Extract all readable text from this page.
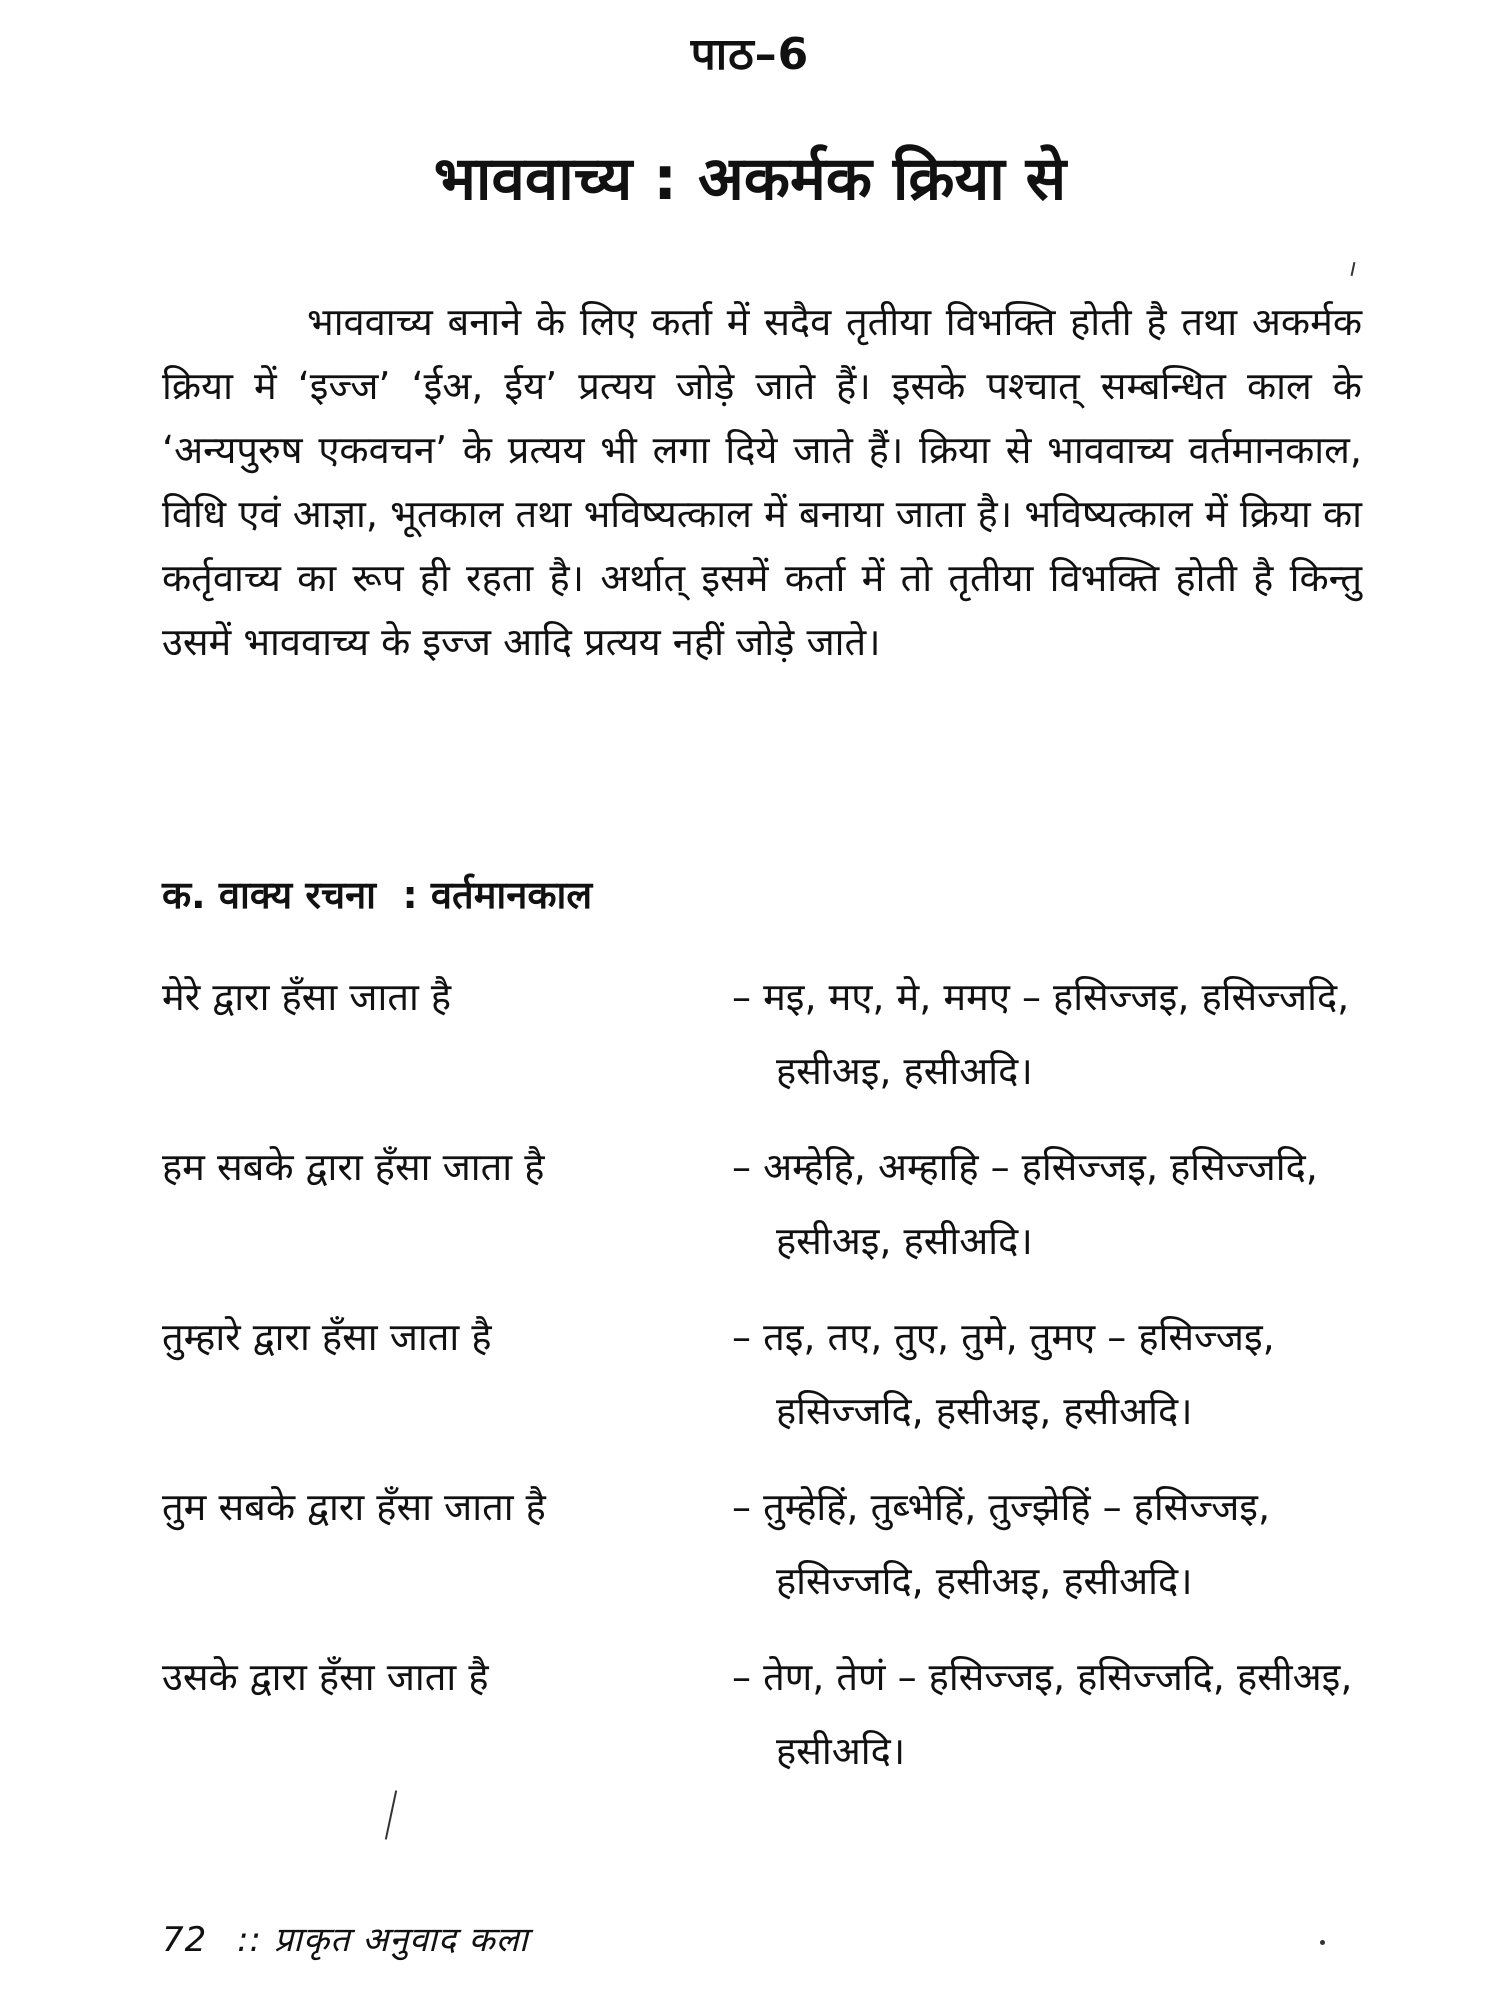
पाठ–6
भाववाच्य : अकर्मक क्रिया से

भाववाच्य बनाने के लिए कर्ता में सदैव तृतीया विभक्ति होती है तथा अकर्मक क्रिया में ‘इज्ज’ ‘ईअ, ईय’ प्रत्यय जोड़े जाते हैं। इसके पश्चात् सम्बन्धित काल के ‘अन्यपुरुष एकवचन’ के प्रत्यय भी लगा दिये जाते हैं। क्रिया से भाववाच्य वर्तमानकाल, विधि एवं आज्ञा, भूतकाल तथा भविष्यत्काल में बनाया जाता है। भविष्यत्काल में क्रिया का कर्तृवाच्य का रूप ही रहता है। अर्थात् इसमें कर्ता में तो तृतीया विभक्ति होती है किन्तु उसमें भाववाच्य के इज्ज आदि प्रत्यय नहीं जोड़े जाते।

क. वाक्य रचना  : वर्तमानकाल
मेरे द्वारा हँसा जाता है	– मइ, मए, मे, ममए – हसिज्जइ, हसिज्जदि, हसीअइ, हसीअदि।
हम सबके द्वारा हँसा जाता है	– अम्हेहि, अम्हाहि – हसिज्जइ, हसिज्जदि, हसीअइ, हसीअदि।
तुम्हारे द्वारा हँसा जाता है	– तइ, तए, तुए, तुमे, तुमए – हसिज्जइ, हसिज्जदि, हसीअइ, हसीअदि।
तुम सबके द्वारा हँसा जाता है	– तुम्हेहिं, तुब्भेहिं, तुज्झेहिं – हसिज्जइ, हसिज्जदि, हसीअइ, हसीअदि।
उसके द्वारा हँसा जाता है	– तेण, तेणं – हसिज्जइ, हसिज्जदि, हसीअइ, हसीअदि।
72 :: प्राकृत अनुवाद कला
